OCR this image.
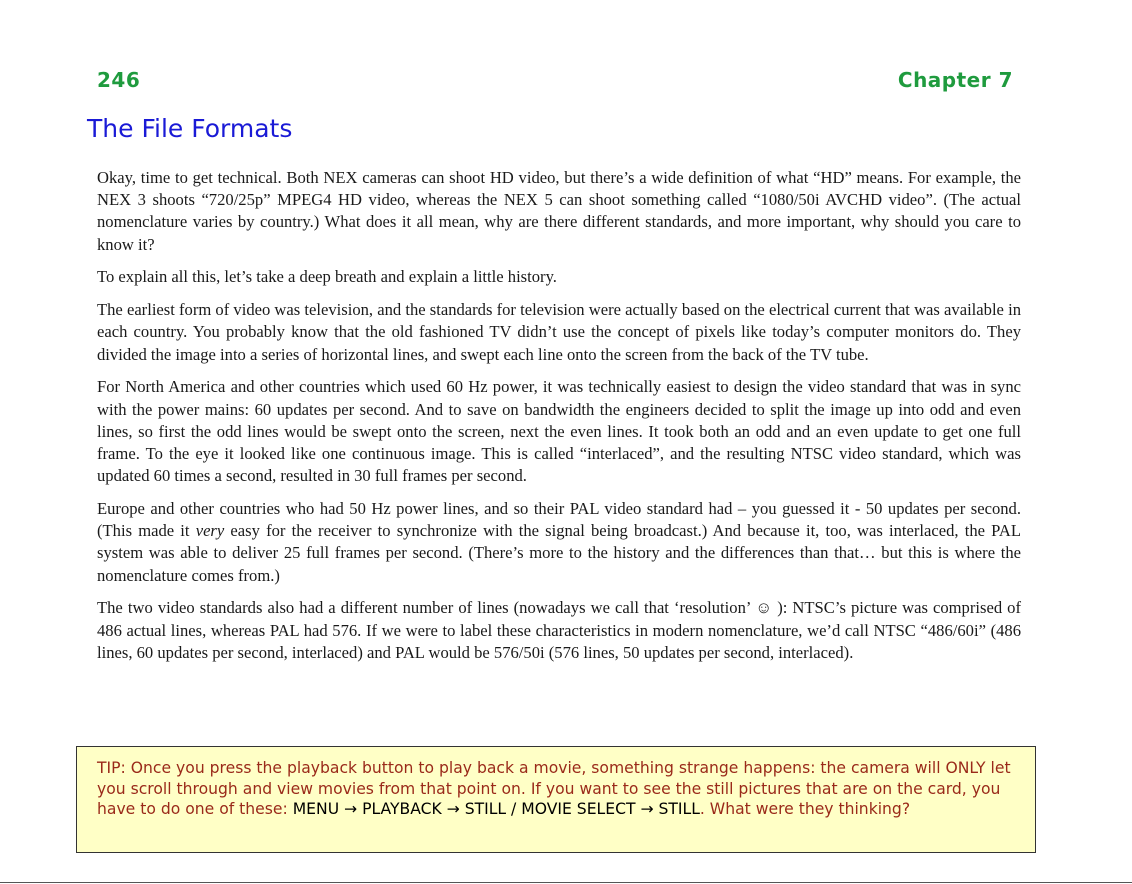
246	Chapter 7
The File Formats

Okay, time to get technical. Both NEX cameras can shoot HD video, but there’s a wide definition of what “HD” means. For example, the NEX 3 shoots “720/25p” MPEG4 HD video, whereas the NEX 5 can shoot something called “1080/50i AVCHD video”. (The actual nomenclature varies by country.) What does it all mean, why are there different standards, and more important, why should you care to know it?

To explain all this, let’s take a deep breath and explain a little history.

The earliest form of video was television, and the standards for television were actually based on the electrical current that was available in each country. You probably know that the old fashioned TV didn’t use the concept of pixels like today’s computer monitors do. They divided the image into a series of horizontal lines, and swept each line onto the screen from the back of the TV tube.

For North America and other countries which used 60 Hz power, it was technically easiest to design the video standard that was in sync with the power mains: 60 updates per second. And to save on bandwidth the engineers decided to split the image up into odd and even lines, so first the odd lines would be swept onto the screen, next the even lines. It took both an odd and an even update to get one full frame. To the eye it looked like one continuous image. This is called “interlaced”, and the resulting NTSC video standard, which was updated 60 times a second, resulted in 30 full frames per second.

Europe and other countries who had 50 Hz power lines, and so their PAL video standard had – you guessed it - 50 updates per second. (This made it very easy for the receiver to synchronize with the signal being broadcast.) And because it, too, was interlaced, the PAL system was able to deliver 25 full frames per second. (There’s more to the history and the differences than that… but this is where the nomenclature comes from.)

The two video standards also had a different number of lines (nowadays we call that ‘resolution’ ☺ ): NTSC’s picture was comprised of 486 actual lines, whereas PAL had 576. If we were to label these characteristics in modern nomenclature, we’d call NTSC “486/60i” (486 lines, 60 updates per second, interlaced) and PAL would be 576/50i (576 lines, 50 updates per second, interlaced).

TIP: Once you press the playback button to play back a movie, something strange happens: the camera will ONLY let you scroll through and view movies from that point on. If you want to see the still pictures that are on the card, you have to do one of these: MENU → PLAYBACK → STILL / MOVIE SELECT → STILL. What were they thinking?
